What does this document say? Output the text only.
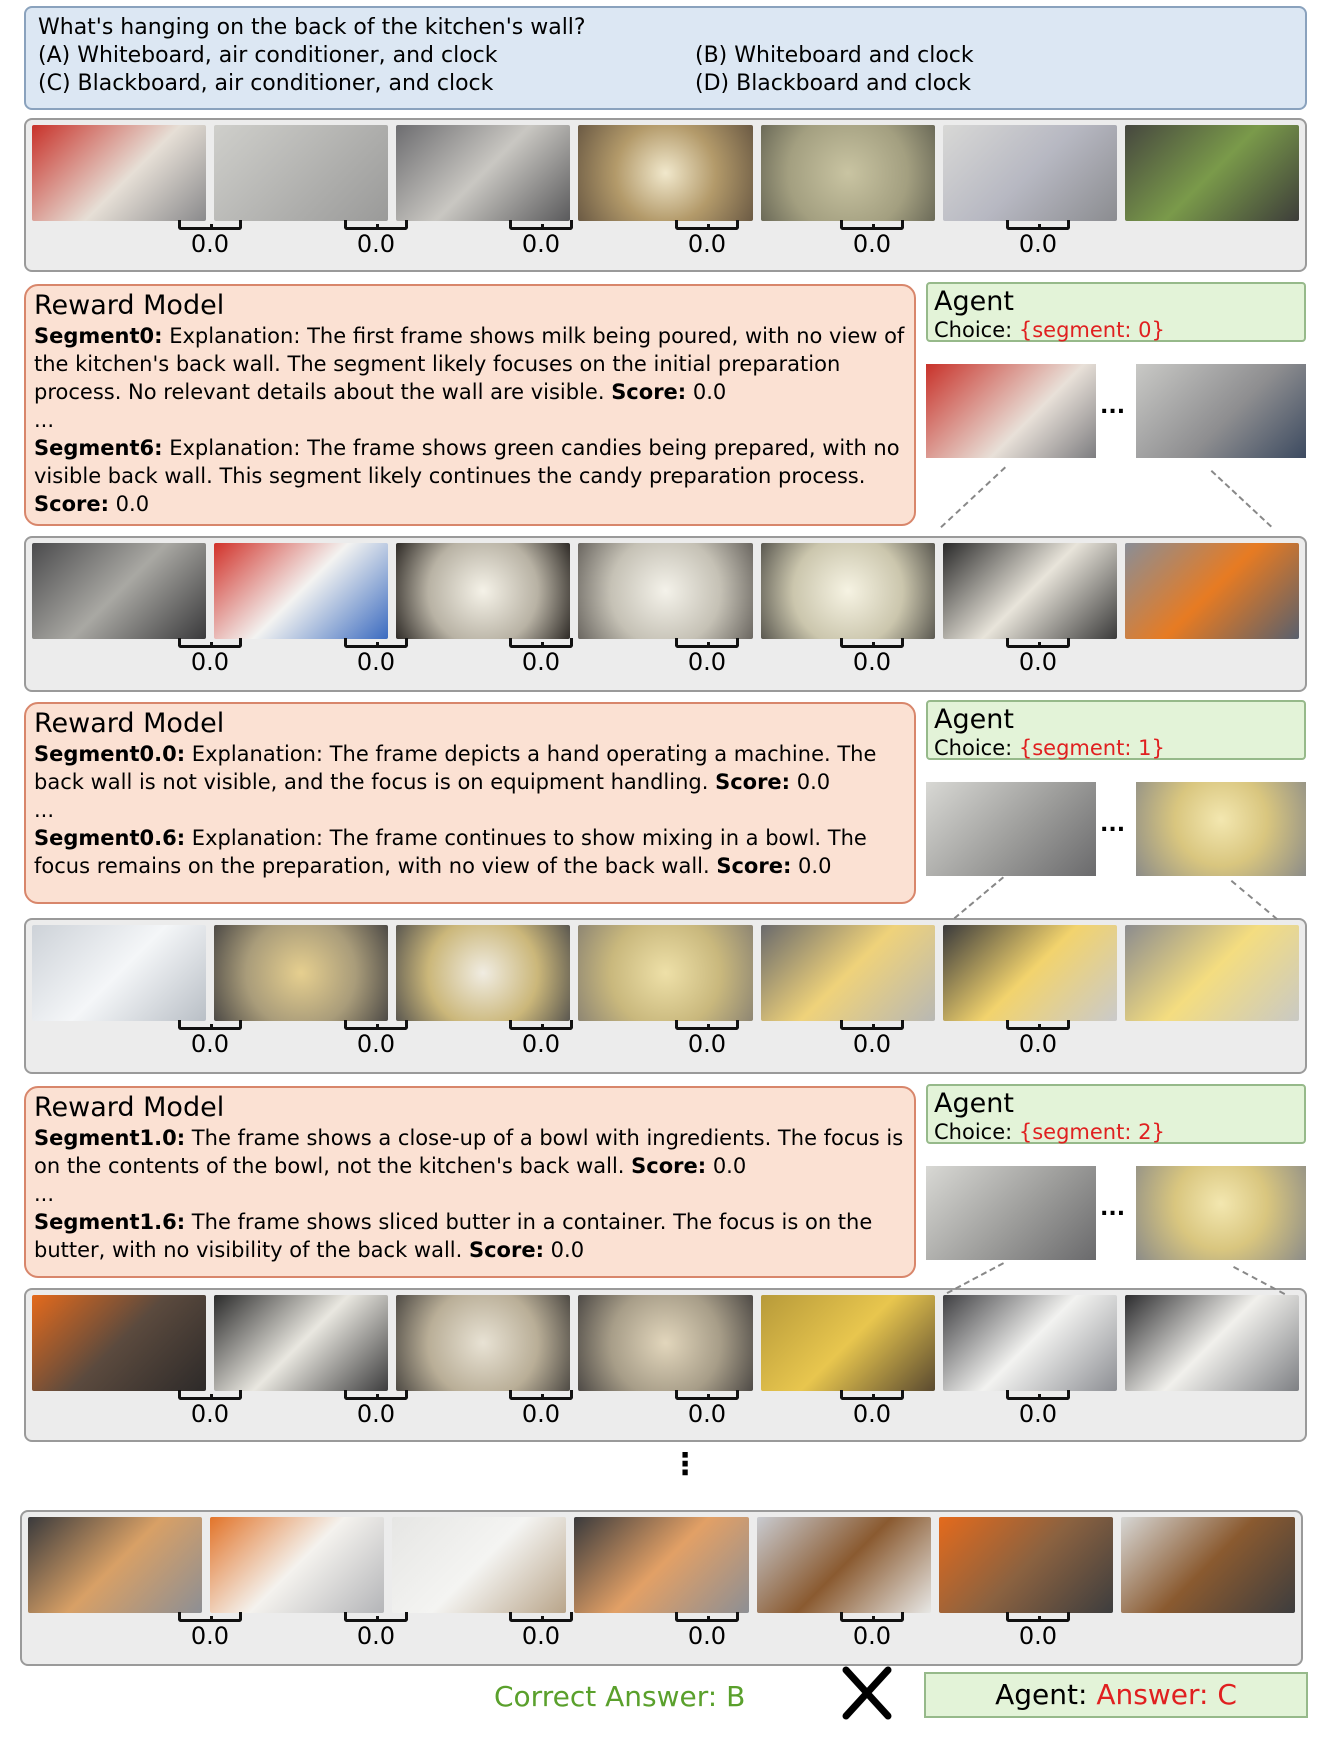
What's hanging on the back of the kitchen's wall?
(A) Whiteboard, air conditioner, and clock	(B) Whiteboard and clock
(C) Blackboard, air conditioner, and clock	(D) Blackboard and clock
0.0	0.0	0.0	0.0	0.0	0.0
0.0	0.0	0.0	0.0	0.0	0.0
0.0	0.0	0.0	0.0	0.0	0.0
0.0	0.0	0.0	0.0	0.0	0.0
0.0	0.0	0.0	0.0	0.0	0.0
Reward Model
Segment0: Explanation: The first frame shows milk being poured, with no view of the kitchen's back wall. The segment likely focuses on the initial preparation process. No relevant details about the wall are visible. Score: 0.0
...
Segment6: Explanation: The frame shows green candies being prepared, with no visible back wall. This segment likely continues the candy preparation process. Score: 0.0
Agent
Choice: {segment: 0}
Reward Model
Segment0.0: Explanation: The frame depicts a hand operating a machine. The back wall is not visible, and the focus is on equipment handling. Score: 0.0
...
Segment0.6: Explanation: The frame continues to show mixing in a bowl. The focus remains on the preparation, with no view of the back wall. Score: 0.0
Agent
Choice: {segment: 1}
Reward Model
Segment1.0: The frame shows a close-up of a bowl with ingredients. The focus is on the contents of the bowl, not the kitchen's back wall. Score: 0.0
...
Segment1.6: The frame shows sliced butter in a container. The focus is on the butter, with no visibility of the back wall. Score: 0.0
Agent
Choice: {segment: 2}
...
...
...
⋮
Correct Answer: B	Agent: Answer: C
